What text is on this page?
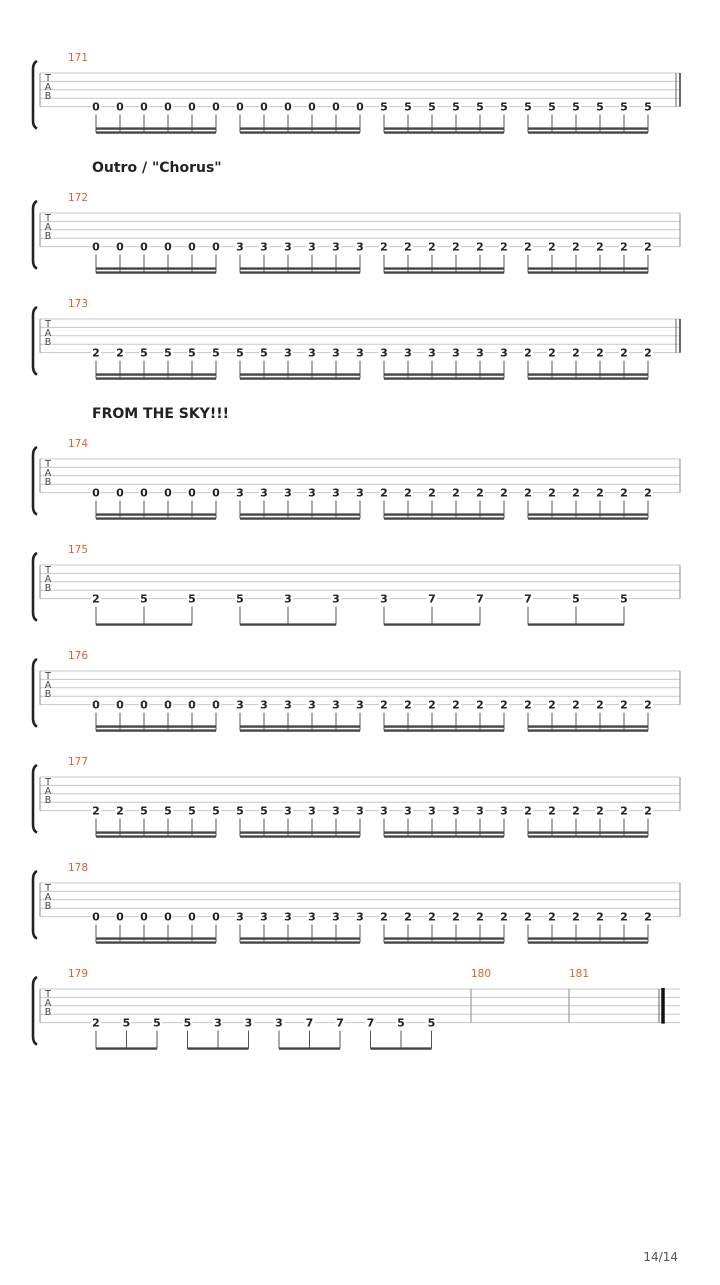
T
A
B
171
0 0 0 0 0 0 0 0 0 0 0 0 5 5 5 5 5 5 5 5 5 5 5 5
T
A
B
172
0 0 0 0 0 0 3 3 3 3 3 3 2 2 2 2 2 2 2 2 2 2 2 2
T
A
B
173
2 2 5 5 5 5 5 5 3 3 3 3 3 3 3 3 3 3 2 2 2 2 2 2
T
A
B
174
0 0 0 0 0 0 3 3 3 3 3 3 2 2 2 2 2 2 2 2 2 2 2 2
T
A
B
175
2	5	5	5	3	3	3	7	7	7	5	5
T
A
B
176
0 0 0 0 0 0 3 3 3 3 3 3 2 2 2 2 2 2 2 2 2 2 2 2
T
A
B
177
2 2 5 5 5 5 5 5 3 3 3 3 3 3 3 3 3 3 2 2 2 2 2 2
T
A
B
178
0 0 0 0 0 0 3 3 3 3 3 3 2 2 2 2 2 2 2 2 2 2 2 2
T
A
B
179
2 5 5 5 3 3 3 7 7 7 5 5
180	181
Outro / "Chorus"
FROM THE SKY!!!
14/14
